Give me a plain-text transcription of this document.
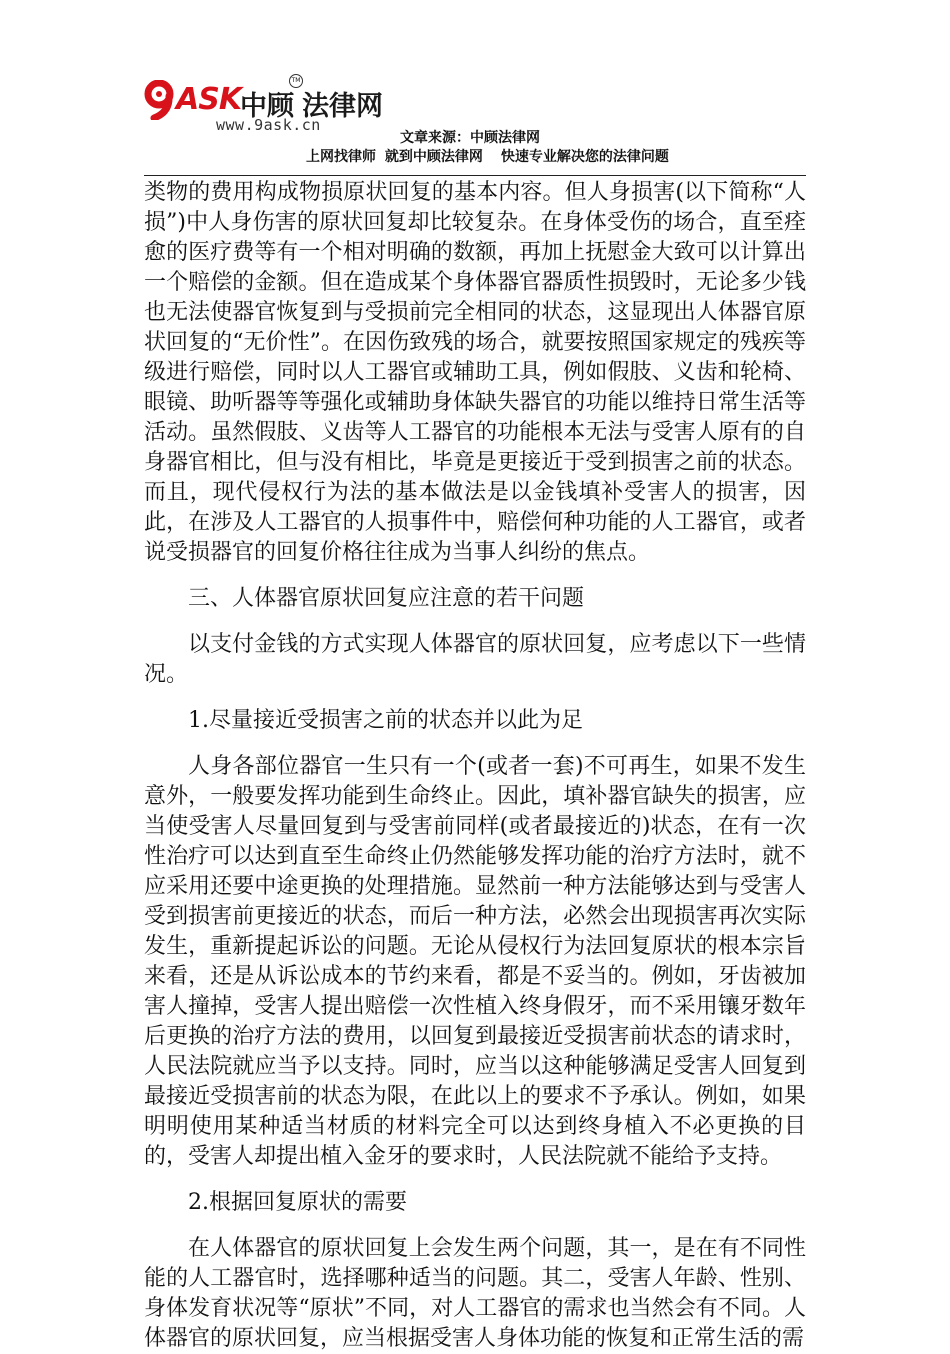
ASK
中顾 法律网
TM
www.9ask.cn
文章来源：中顾法律网
上网找律师 就到中顾法律网 快速专业解决您的法律问题

类物的费用构成物损原状回复的基本内容。但人身损害(以下简称“人损”)中人身伤害的原状回复却比较复杂。在身体受伤的场合，直至痊愈的医疗费等有一个相对明确的数额，再加上抚慰金大致可以计算出一个赔偿的金额。但在造成某个身体器官器质性损毁时，无论多少钱也无法使器官恢复到与受损前完全相同的状态，这显现出人体器官原状回复的“无价性”。在因伤致残的场合，就要按照国家规定的残疾等级进行赔偿，同时以人工器官或辅助工具，例如假肢、义齿和轮椅、眼镜、助听器等等强化或辅助身体缺失器官的功能以维持日常生活等活动。虽然假肢、义齿等人工器官的功能根本无法与受害人原有的自身器官相比，但与没有相比，毕竟是更接近于受到损害之前的状态。而且，现代侵权行为法的基本做法是以金钱填补受害人的损害，因此，在涉及人工器官的人损事件中，赔偿何种功能的人工器官，或者说受损器官的回复价格往往成为当事人纠纷的焦点。

三、人体器官原状回复应注意的若干问题

以支付金钱的方式实现人体器官的原状回复，应考虑以下一些情况。

1.尽量接近受损害之前的状态并以此为足

人身各部位器官一生只有一个(或者一套)不可再生，如果不发生意外，一般要发挥功能到生命终止。因此，填补器官缺失的损害，应当使受害人尽量回复到与受害前同样(或者最接近的)状态，在有一次性治疗可以达到直至生命终止仍然能够发挥功能的治疗方法时，就不应采用还要中途更换的处理措施。显然前一种方法能够达到与受害人受到损害前更接近的状态，而后一种方法，必然会出现损害再次实际发生，重新提起诉讼的问题。无论从侵权行为法回复原状的根本宗旨来看，还是从诉讼成本的节约来看，都是不妥当的。例如，牙齿被加害人撞掉，受害人提出赔偿一次性植入终身假牙，而不采用镶牙数年后更换的治疗方法的费用，以回复到最接近受损害前状态的请求时，人民法院就应当予以支持。同时，应当以这种能够满足受害人回复到最接近受损害前的状态为限，在此以上的要求不予承认。例如，如果明明使用某种适当材质的材料完全可以达到终身植入不必更换的目的，受害人却提出植入金牙的要求时，人民法院就不能给予支持。

2.根据回复原状的需要

在人体器官的原状回复上会发生两个问题，其一，是在有不同性能的人工器官时，选择哪种适当的问题。其二，受害人年龄、性别、身体发育状况等“原状”不同，对人工器官的需求也当然会有不同。人体器官的原状回复，应当根据受害人身体功能的恢复和正常生活的需
